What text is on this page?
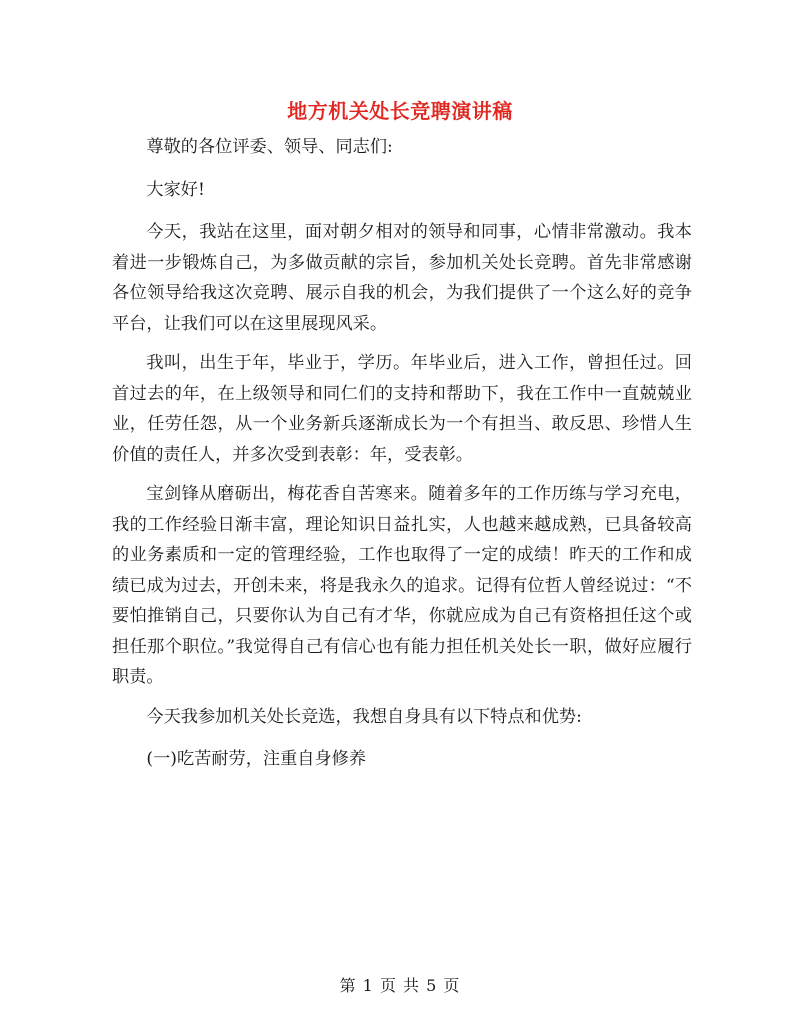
地方机关处长竞聘演讲稿

尊敬的各位评委、领导、同志们:

大家好!

今天，我站在这里，面对朝夕相对的领导和同事，心情非常激动。我本着进一步锻炼自己，为多做贡献的宗旨，参加机关处长竞聘。首先非常感谢各位领导给我这次竞聘、展示自我的机会，为我们提供了一个这么好的竞争平台，让我们可以在这里展现风采。

我叫，出生于年，毕业于，学历。年毕业后，进入工作，曾担任过。回首过去的年，在上级领导和同仁们的支持和帮助下，我在工作中一直兢兢业业，任劳任怨，从一个业务新兵逐渐成长为一个有担当、敢反思、珍惜人生价值的责任人，并多次受到表彰：年，受表彰。

宝剑锋从磨砺出，梅花香自苦寒来。随着多年的工作历练与学习充电，我的工作经验日渐丰富，理论知识日益扎实，人也越来越成熟，已具备较高的业务素质和一定的管理经验，工作也取得了一定的成绩！昨天的工作和成绩已成为过去，开创未来，将是我永久的追求。记得有位哲人曾经说过：“不要怕推销自己，只要你认为自己有才华，你就应成为自己有资格担任这个或担任那个职位。”我觉得自己有信心也有能力担任机关处长一职，做好应履行职责。

今天我参加机关处长竞选，我想自身具有以下特点和优势:

(一)吃苦耐劳，注重自身修养

第 1 页 共 5 页
